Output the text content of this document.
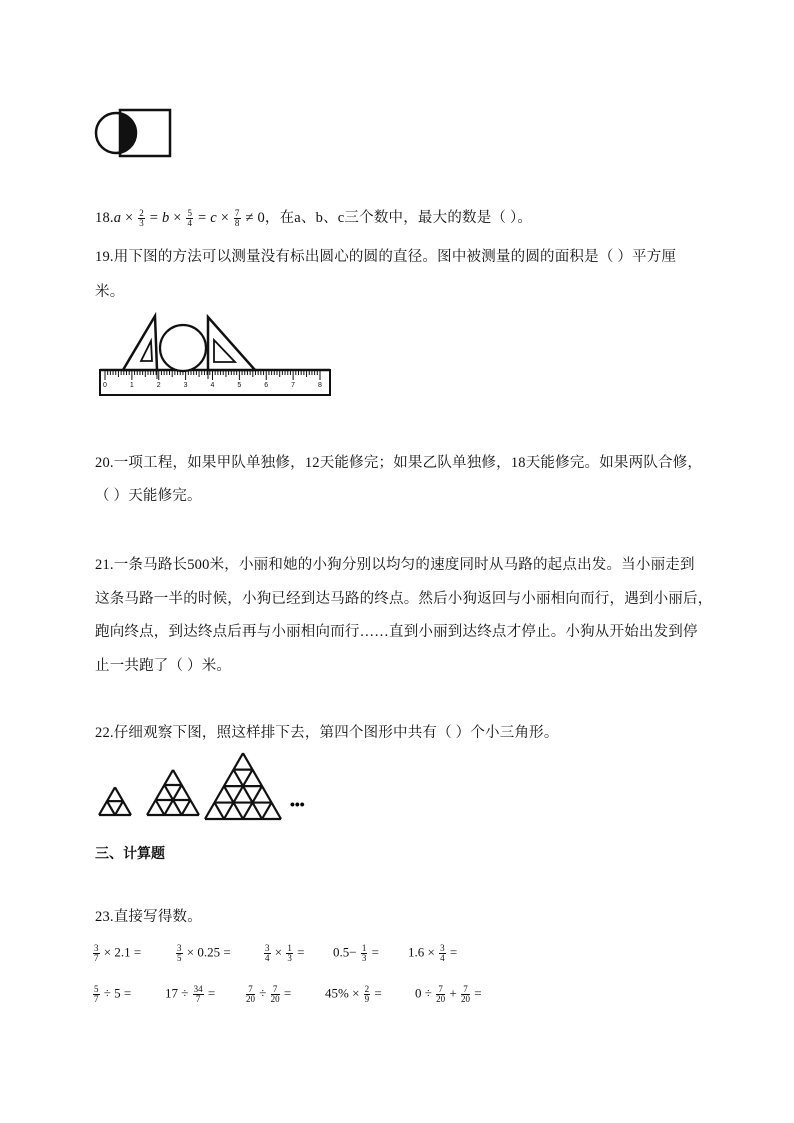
$18.a \times \frac{2}{3} = b \times \frac{5}{4} = c \times \frac{7}{8} \ne 0$，在a、b、c三个数中，最大的数是（ ）。
19.用下图的方法可以测量没有标出圆心的圆的直径。图中被测量的圆的面积是（ ）平方厘
米。
0	1	2	3	4	5	6	7	8
20.一项工程，如果甲队单独修，12天能修完；如果乙队单独修，18天能修完。如果两队合修，
（ ）天能修完。
21.一条马路长500米，小丽和她的小狗分别以均匀的速度同时从马路的起点出发。当小丽走到
这条马路一半的时候，小狗已经到达马路的终点。然后小狗返回与小丽相向而行，遇到小丽后，
跑向终点，到达终点后再与小丽相向而行……直到小丽到达终点才停止。小狗从开始出发到停
止一共跑了（ ）米。
22.仔细观察下图，照这样排下去，第四个图形中共有（ ）个小三角形。
•••
三、计算题
23.直接写得数。
$\frac{3}{7} \times 2.1$ =	$\frac{3}{5} \times 0.25$ =	$\frac{3}{4} \times \frac{1}{3} = 0.5- \frac{1}{3} = 1.6 \times \frac{3}{4}$ =
$\frac{5}{7} \div 5$ =	$17 \div \frac{34}{7}$ =	$\frac{7}{20} \div \frac{7}{20}$ =	$45\% \times \frac{2}{9}$ =	$0 \div \frac{7}{20} + \frac{7}{20}$ =
